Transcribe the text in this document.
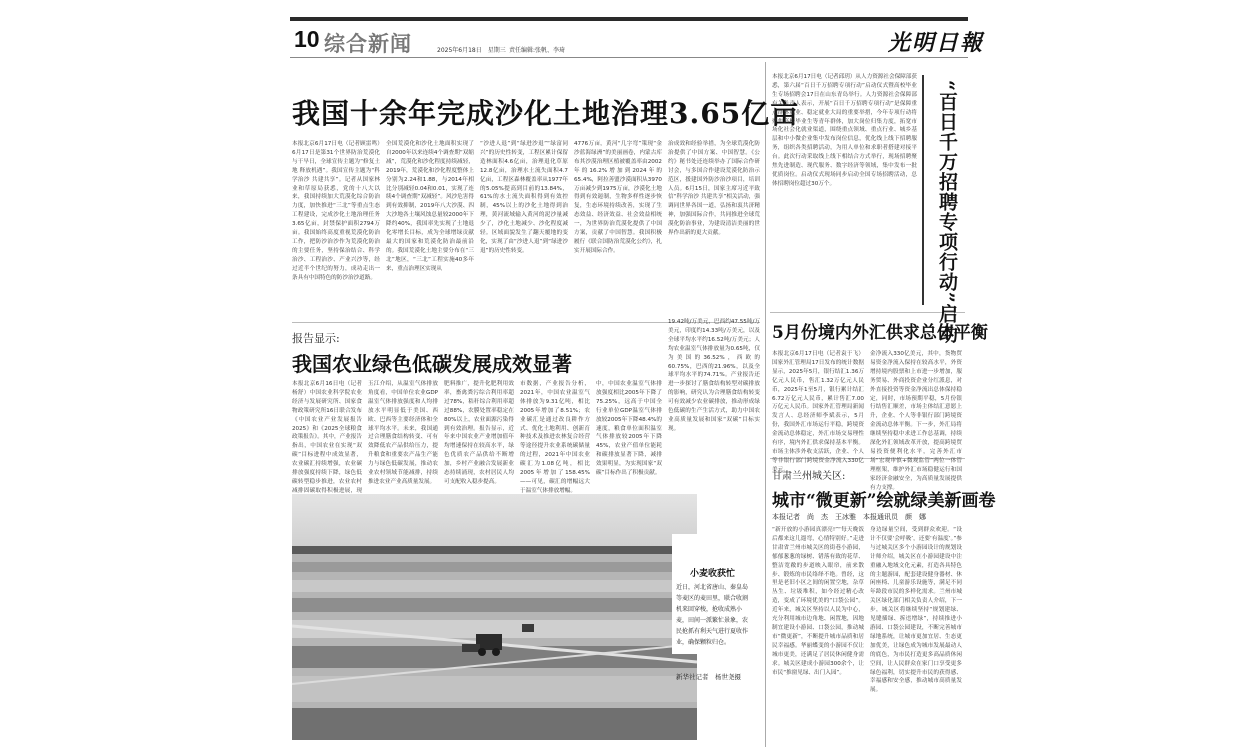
10 综合新闻	2025年6月18日　星期三 责任编辑:张帆、李琦	光明日報
我国十余年完成沙化土地治理3.65亿亩
本报北京6月17日电（记者顾雷鸣）6月17日是第31个世界防治荒漠化与干旱日，全球宣传主题为“修复土地 释放机遇”。我国宣传主题为“科学治沙 共建共享”。记者从国家林业和草原局获悉，党的十八大以来，我国持续加大荒漠化综合防治力度，加快推进“三北”等重点生态工程建设，完成沙化土地治理任务3.65亿亩，封禁保护面积2794万亩。我国始终高度重视荒漠化防治工作，把防沙治沙作为荒漠化防治的主要任务，坚持保治结合、科学治沙、工程治沙、产业兴沙等，经过近半个世纪的努力，成功走出一条具有中国特色的防沙治沙道路。
全国荒漠化和沙化土地面积实现了自2000年以来连续4个调查期“双缩减”，荒漠化和沙化程度持续减轻，2019年，荒漠化和沙化程度整体上分别为2.24和1.88，与2014年相比分别减轻0.04和0.01，实现了连续4个调查期“双减轻”。风沙危害得到有效抑制，2019年八大沙漠、四大沙地各土壤风蚀总量较2000年下降约40%，我国率先实现了土地退化零增长目标，成为全球增绿贡献最大的国家和荒漠化防治最前沿的。我国荒漠化土地主要分布在“三北”地区，“三北”工程实施40多年来，重点治理区实现从
“沙进人退”到“绿进沙退”“绿富同兴”的历史性转变，工程区累计保留造林面积4.6亿亩，治理退化草原12.8亿亩，治理水土流失面积4.7亿亩，工程区森林覆盖率从1977年的5.05%提高到目前的13.84%，61%的水土流失面积得到有效控制，45%以上的沙化土地得到治理，黄河流域输入黄河的泥沙量减少了，沙化土地减少、沙化程度减轻。区域面貌发生了翻天覆地的变化，实现了由“沙进人退”到“绿进沙退”的历史性转变。
4776万亩，黄河“几字弯”策现“金沙蓝海绿洲”的美丽画卷，内蒙古库布其沙漠治理区植被覆盖率由2002年的16.2%增加到2024年的65.4%，阿拉善盟沙漠面积从3970万亩减少到1975万亩，沙漠化土地得到有效遏制，生物多样性逐步恢复，生态环境持续改善，实现了生态效益、经济效益、社会效益相统一，为世界防治荒漠化提供了中国方案，贡献了中国智慧。我国积极履行《联合国防治荒漠化公约》，扎实开展国际合作。
治成效和经验举措，为全球荒漠化防治提供了中国方案、中国智慧。《公约》秘书处还连续举办了国际合作研讨会，与多国合作建设荒漠化防治示范区，援建国外防沙治沙项目，培训人员。6月15日，国家主席习近平致信“科学治沙 共建共享”相关活动，强调同世界各国一道，弘扬和衷共济精神，加强国际合作，共同推进全球荒漠化防治事业，为建设清洁美丽的世界作出新的更大贡献。
报告显示:
我国农业绿色低碳发展成效显著
本报北京6月16日电（记者杨舒）中国农业科学院农业经济与发展研究所、国家食物政策研究所16日联合发布《中国农业产业发展报告2025》和《2025全球粮食政策报告》。其中，产业报告指出，中国农业在实现“双碳”目标进程中成效显著，农业碳汇持续增强，农业碳排放强度持续下降，绿色低碳转型稳步推进，农业农村减排固碳取得积极进展，现
玉江介绍，从温室气体排放角度看，中国单位农业GDP温室气体排放强度和人均排放水平明显低于美国、西欧、巴西等主要经济体和全球平均水平。未来，我国通过合理膳食结构转变、可有效降低农产品供给压力，提升粮食和重要农产品生产能力与绿色低碳发展，推动农业农村领域节能减排，持续推进农业产业高质量发展。
肥料推广，提升化肥利用效率，畜禽粪污综合利用率超过78%，秸秆综合利用率超过88%，农膜处置率稳定在80%以上，农业面源污染得到有效治理。报告显示，近年来中国农业产业增加值年均增速保持在较高水平，绿色优质农产品供给不断增加，乡村产业融合发展新业态持续涌现，农村居民人均可支配收入稳步提高。
市数据，产业报告分析，2021年，中国农业温室气体排放为9.31亿吨，相比2005年增加了8.51%；农业碳汇是通过改良耕作方式、优化土地利用、创新育种技术及推进农林复合经营等途径提升农业系统碳储量的过程，2021年中国农业碳汇为1.08亿吨，相比2005年增加了158.45%——可见，碳汇的增幅远大于温室气体排放增幅。
中，中国农业温室气体排放强度相比2005年下降了75.25%，远高于中国全行业单位GDP温室气体排放较2005年下降48.4%的速度，粮食单位面积温室气体排放较2005年下降45%，农业产值单位能耗和碳排放显著下降，减排效果明显，为实现国家“双碳”目标作出了积极贡献。
19.42吨/万美元，巴西约47.55吨/万美元，印度约14.33吨/万美元，以及全球平均水平约16.52吨/万美元；人均农业温室气体排放量为0.65吨，仅为美国的36.52%，西欧的60.75%，巴西的21.96%，以及全球平均水平的74.71%。产业报告还进一步探讨了膳食结构转型对碳排放的影响，研究认为合理膳食结构转变可有效减少农业碳排放，推动形成绿色低碳的生产生活方式，助力中国农业高质量发展和国家“双碳”目标实现。
小麦收获忙
近日，河北省唐山、秦皇岛等麦区的麦田里，联合收割机来回穿梭，抢收成熟小麦，田间一派繁忙景象，农民抢抓有利天气进行夏收作业，确保颗粒归仓。
新华社记者　杨世尧摄
本报北京6月17日电（记者邱玥）从人力资源社会保障部获悉，第六届“百日千万招聘专项行动”启动仪式暨高校毕业生专场招聘会17日在山东青岛举行。人力资源社会保障部有关负责人表示，开展“百日千万招聘专项行动”是保障重点群体就业、稳定就业大局的重要举措，今年专项行动将聚焦高校毕业生等青年群体，加大岗位归集力度，拓宽市场化社会化就业渠道，围绕重点领域、重点行业、城乡基层和中小微企业集中发布岗位信息，优化线上线下招聘服务，组织各类招聘活动，为用人单位和求职者搭建对接平台。此次行动采取线上线下相结合方式举行，现场招聘聚焦先进制造、现代服务、数字经济等领域，集中发布一批优质岗位。启动仪式现场同步启动全国专场招聘活动，总体招聘岗位超过30万个。	“百日千万招聘专项行动”启动
5月份境内外汇供求总体平衡
本报北京6月17日电（记者袁于飞）国家外汇管理局17日发布的统计数据显示，2025年5月，银行结汇1.36万亿元人民币，售汇1.32万亿元人民币，2025年1至5月，银行累计结汇6.72万亿元人民币，累计售汇7.00万亿元人民币。国家外汇管理局新闻发言人、总经济师李斌表示，5月份，我国外汇市场运行平稳，跨境资金流动总体稳定，外汇市场交易理性有序，境内外汇供求保持基本平衡。市场主体涉外收支活跃，企业、个人等非银行部门跨境资金净流入330亿美元。
金净流入330亿美元，其中，货物贸易资金净流入保持在较高水平，外资增持境内股票和上市进一步增加，服务贸易、外商投资企业分红派息，对外直接投资等资金净流出总体保持稳定，同时，市场预期平稳，5月份银行结售汇顺差，市场主体结汇意愿上升，企业、个人等非银行部门跨境资金流动总体平衡。下一步，外汇局将继续坚持稳中求进工作总基调，持续深化外汇领域改革开放，提高跨境贸易投资便利化水平，完善外汇市场“宏观审慎+微观监管”两位一体管理框架，维护外汇市场稳健运行和国家经济金融安全，为高质量发展提供有力支撑。
甘肃兰州城关区:
城市“微更新”绘就绿美新画卷
本报记者　尚　杰　王冰雅　本报通讯员　颜　娜
“新开放的小游园真漂亮!”“每天晚饭后都来这儿遛弯，心情特别好。”走进甘肃省兰州市城关区的街巷小游园，郁郁葱葱的绿树、错落有致的花草、整洁宽敞的步道映入眼帘，前来散步、锻炼的市民络绎不绝。曾经，这里是老旧小区之间的闲置空地，杂草丛生、垃圾堆积，如今经过精心改造，变成了环境优美的“口袋公园”。近年来，城关区坚持以人民为中心，充分利用城市边角地、闲置地，因地制宜建设小游园、口袋公园，推动城市“微更新”，不断提升城市品质和居民幸福感。华丽蝶变的小游园不仅让城市更美，还满足了居民休闲健身需求。城关区建成小游园300余个，让市民“推窗见绿、出门入园”。
身边绿量空间，受到群众欢迎。“设计不仅要‘会呼吸’，还要‘有温度’。”参与过城关区多个小游园设计的规划设计师介绍，城关区在小游园建设中注重融入地域文化元素，打造各具特色的主题游园，配套建设健身器材、休闲座椅、儿童游乐设施等，满足不同年龄段市民的多样化需求。兰州市城关区绿化部门相关负责人介绍，下一步，城关区将继续坚持“规划建绿、见缝插绿、拆违增绿”，持续推进小游园、口袋公园建设，不断完善城市绿地系统，让城市更加宜居、生态更加优美，让绿色成为城市发展最动人的底色，为市民打造更多高品质休闲空间，让人民群众在家门口享受更多绿色福利，切实提升市民的获得感、幸福感和安全感，推动城市高质量发展。
